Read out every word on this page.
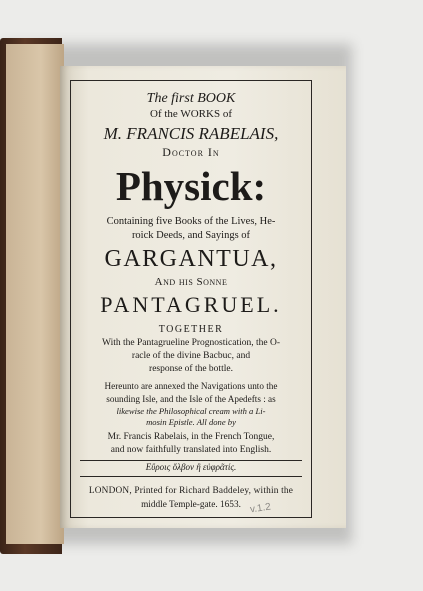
The first BOOK
Of the WORKS of
M. FRANCIS RABELAIS,
Doctor In
Physick:
Containing five Books of the Lives, He-
roick Deeds, and Sayings of
GARGANTUA,
And his Sonne
PANTAGRUEL.
TOGETHER
With the Pantagrueline Prognostication, the O-
racle of the divine Bacbuc, and
response of the bottle.
Hereunto are annexed the Navigations unto the
sounding Isle, and the Isle of the Apedefts : as
likewise the Philosophical cream with a Li-
mosin Epistle. All done by
Mr. Francis Rabelais, in the French Tongue,
and now faithfully translated into English.
Εὕροις ὄλβον ἢ εὐφρᾶτίς.
LONDON, Printed for Richard Baddeley, within the
middle Temple-gate. 1653. v.1.2
